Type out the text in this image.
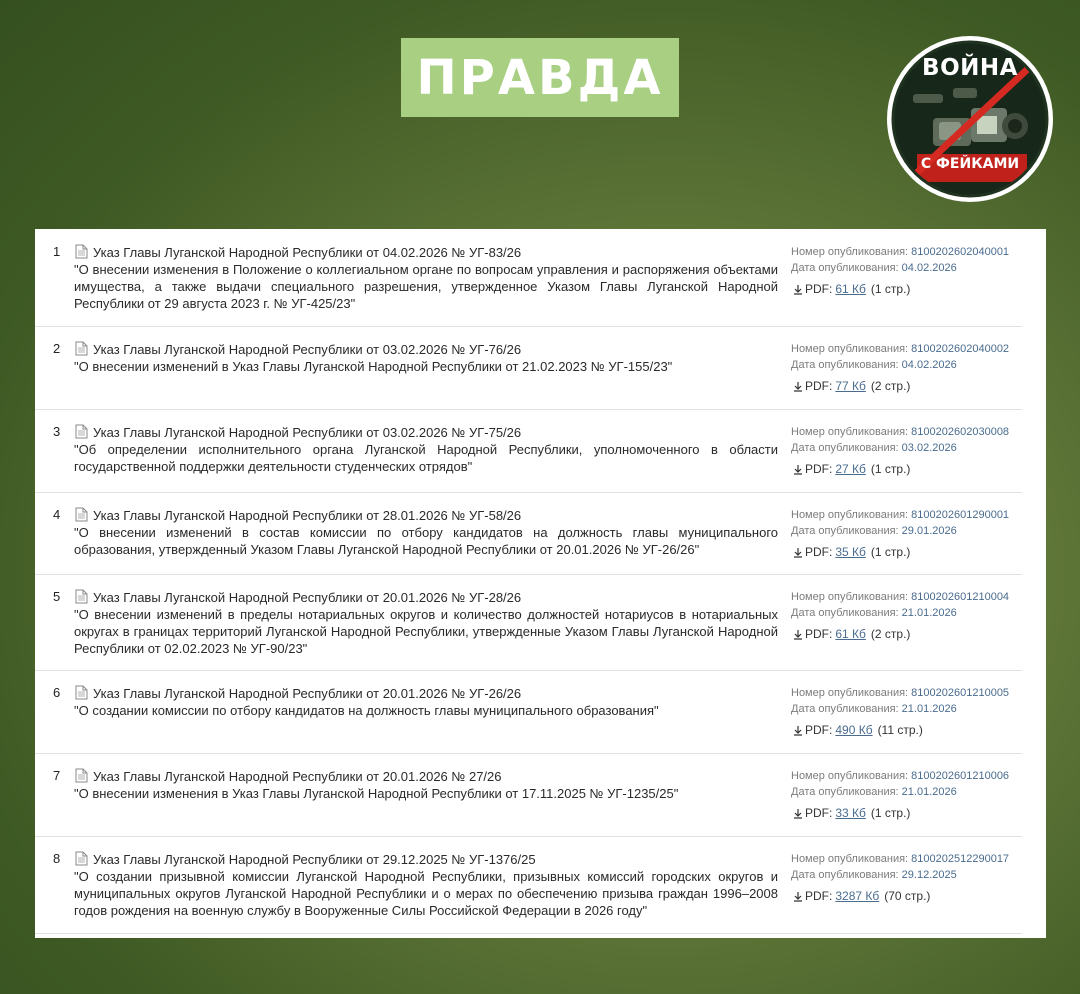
ПРАВДА	ВОЙНА
С ФЕЙКАМИ
1	Указ Главы Луганской Народной Республики от 04.02.2026 № УГ-83/26
"О внесении изменения в Положение о коллегиальном органе по вопросам управления и распоряжения объектами имущества, а также выдачи специального разрешения, утвержденное Указом Главы Луганской Народной Республики от 29 августа 2023 г. № УГ-425/23"
Номер опубликования: 8100202602040001
Дата опубликования: 04.02.2026
PDF: 61 Кб (1 стр.)
2	Указ Главы Луганской Народной Республики от 03.02.2026 № УГ-76/26
"О внесении изменений в Указ Главы Луганской Народной Республики от 21.02.2023 № УГ-155/23"
Номер опубликования: 8100202602040002
Дата опубликования: 04.02.2026
PDF: 77 Кб (2 стр.)
3	Указ Главы Луганской Народной Республики от 03.02.2026 № УГ-75/26
"Об определении исполнительного органа Луганской Народной Республики, уполномоченного в области государственной поддержки деятельности студенческих отрядов"
Номер опубликования: 8100202602030008
Дата опубликования: 03.02.2026
PDF: 27 Кб (1 стр.)
4	Указ Главы Луганской Народной Республики от 28.01.2026 № УГ-58/26
"О внесении изменений в состав комиссии по отбору кандидатов на должность главы муниципального образования, утвержденный Указом Главы Луганской Народной Республики от 20.01.2026 № УГ-26/26"
Номер опубликования: 8100202601290001
Дата опубликования: 29.01.2026
PDF: 35 Кб (1 стр.)
5	Указ Главы Луганской Народной Республики от 20.01.2026 № УГ-28/26
"О внесении изменений в пределы нотариальных округов и количество должностей нотариусов в нотариальных округах в границах территорий Луганской Народной Республики, утвержденные Указом Главы Луганской Народной Республики от 02.02.2023 № УГ-90/23"
Номер опубликования: 8100202601210004
Дата опубликования: 21.01.2026
PDF: 61 Кб (2 стр.)
6	Указ Главы Луганской Народной Республики от 20.01.2026 № УГ-26/26
"О создании комиссии по отбору кандидатов на должность главы муниципального образования"
Номер опубликования: 8100202601210005
Дата опубликования: 21.01.2026
PDF: 490 Кб (11 стр.)
7	Указ Главы Луганской Народной Республики от 20.01.2026 № 27/26
"О внесении изменения в Указ Главы Луганской Народной Республики от 17.11.2025 № УГ-1235/25"
Номер опубликования: 8100202601210006
Дата опубликования: 21.01.2026
PDF: 33 Кб (1 стр.)
8	Указ Главы Луганской Народной Республики от 29.12.2025 № УГ-1376/25
"О создании призывной комиссии Луганской Народной Республики, призывных комиссий городских округов и муниципальных округов Луганской Народной Республики и о мерах по обеспечению призыва граждан 1996–2008 годов рождения на военную службу в Вооруженные Силы Российской Федерации в 2026 году"
Номер опубликования: 8100202512290017
Дата опубликования: 29.12.2025
PDF: 3287 Кб (70 стр.)
